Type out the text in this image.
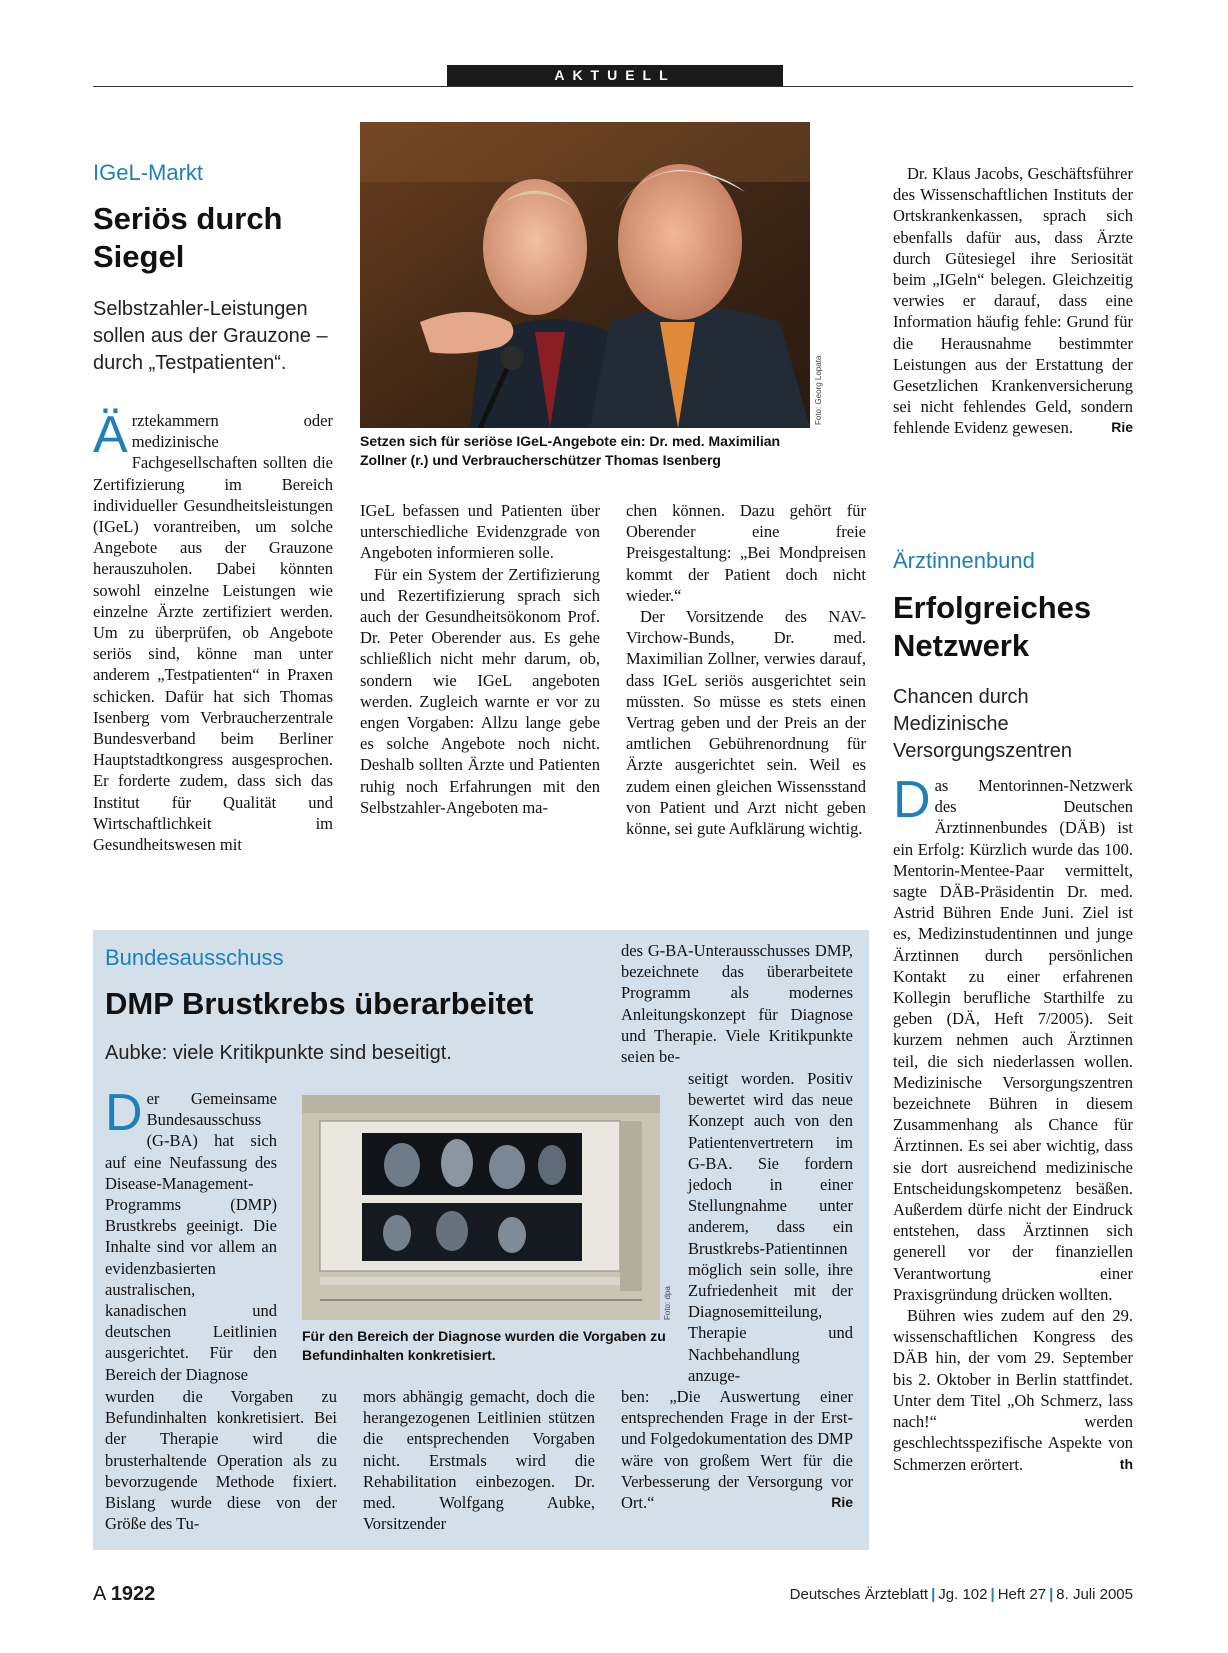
AKTUELL
IGeL-Markt
Seriös durch Siegel
Selbstzahler-Leistungen sollen aus der Grauzone – durch „Testpatienten“.	Foto: Georg Lopata
Setzen sich für seriöse IGeL-Angebote ein: Dr. med. Maximilian Zollner (r.) und Verbraucherschützer Thomas Isenberg
Ärztekammern oder medizinische Fachgesellschaften sollten die Zertifizierung im Bereich individueller Gesundheitsleistungen (IGeL) vorantreiben, um solche Angebote aus der Grauzone herauszuholen. Dabei könnten sowohl einzelne Leistungen wie einzelne Ärzte zertifiziert werden. Um zu überprüfen, ob Angebote seriös sind, könne man unter anderem „Testpatienten“ in Praxen schicken. Dafür hat sich Thomas Isenberg vom Verbraucherzentrale Bundesverband beim Berliner Hauptstadtkongress ausgesprochen. Er forderte zudem, dass sich das Institut für Qualität und Wirtschaftlichkeit im Gesundheitswesen mit

IGeL befassen und Patienten über unterschiedliche Evidenzgrade von Angeboten informieren solle.

Für ein System der Zertifizierung und Rezertifizierung sprach sich auch der Gesundheitsökonom Prof. Dr. Peter Oberender aus. Es gehe schließlich nicht mehr darum, ob, sondern wie IGeL angeboten werden. Zugleich warnte er vor zu engen Vorgaben: Allzu lange gebe es solche Angebote noch nicht. Deshalb sollten Ärzte und Patienten ruhig noch Erfahrungen mit den Selbstzahler-Angeboten ma-

chen können. Dazu gehört für Oberender eine freie Preisgestaltung: „Bei Mondpreisen kommt der Patient doch nicht wieder.“

Der Vorsitzende des NAV-Virchow-Bunds, Dr. med. Maximilian Zollner, verwies darauf, dass IGeL seriös ausgerichtet sein müssten. So müsse es stets einen Vertrag geben und der Preis an der amtlichen Gebührenordnung für Ärzte ausgerichtet sein. Weil es zudem einen gleichen Wissensstand von Patient und Arzt nicht geben könne, sei gute Aufklärung wichtig.

Dr. Klaus Jacobs, Geschäftsführer des Wissenschaftlichen Instituts der Ortskrankenkassen, sprach sich ebenfalls dafür aus, dass Ärzte durch Gütesiegel ihre Seriosität beim „IGeln“ belegen. Gleichzeitig verwies er darauf, dass eine Information häufig fehle: Grund für die Herausnahme bestimmter Leistungen aus der Erstattung der Gesetzlichen Krankenversicherung sei nicht fehlendes Geld, sondern fehlende Evidenz gewesen.	Rie

Ärztinnenbund
Erfolgreiches Netzwerk
Chancen durch Medizinische Versorgungszentren

Das Mentorinnen-Netzwerk des Deutschen Ärztinnenbundes (DÄB) ist ein Erfolg: Kürzlich wurde das 100. Mentorin-Mentee-Paar vermittelt, sagte DÄB-Präsidentin Dr. med. Astrid Bühren Ende Juni. Ziel ist es, Medizinstudentinnen und junge Ärztinnen durch persönlichen Kontakt zu einer erfahrenen Kollegin berufliche Starthilfe zu geben (DÄ, Heft 7/2005). Seit kurzem nehmen auch Ärztinnen teil, die sich niederlassen wollen. Medizinische Versorgungszentren bezeichnete Bühren in diesem Zusammenhang als Chance für Ärztinnen. Es sei aber wichtig, dass sie dort ausreichend medizinische Entscheidungskompetenz besäßen. Außerdem dürfe nicht der Eindruck entstehen, dass Ärztinnen sich generell vor der finanziellen Verantwortung einer Praxisgründung drücken wollten.

Bühren wies zudem auf den 29. wissenschaftlichen Kongress des DÄB hin, der vom 29. September bis 2. Oktober in Berlin stattfindet. Unter dem Titel „Oh Schmerz, lass nach!“ werden geschlechtsspezifische Aspekte von Schmerzen erörtert.	th

Bundesausschuss
DMP Brustkrebs überarbeitet
Aubke: viele Kritikpunkte sind beseitigt.
Foto: dpa
Für den Bereich der Diagnose wurden die Vorgaben zu Befundinhalten konkretisiert.
Der Gemeinsame Bundesausschuss (G-BA) hat sich auf eine Neufassung des Disease-Management-Programms (DMP) Brustkrebs geeinigt. Die Inhalte sind vor allem an evidenzbasierten australischen, kanadischen und deutschen Leitlinien ausgerichtet. Für den Bereich der Diagnose
wurden die Vorgaben zu Befundinhalten konkretisiert. Bei der Therapie wird die brusterhaltende Operation als zu bevorzugende Methode fixiert. Bislang wurde diese von der Größe des Tu-
mors abhängig gemacht, doch die herangezogenen Leitlinien stützen die entsprechenden Vorgaben nicht. Erstmals wird die Rehabilitation einbezogen. Dr. med. Wolfgang Aubke, Vorsitzender
des G-BA-Unterausschusses DMP, bezeichnete das überarbeitete Programm als modernes Anleitungskonzept für Diagnose und Therapie. Viele Kritikpunkte seien be-
seitigt worden. Positiv bewertet wird das neue Konzept auch von den Patientenvertretern im G-BA. Sie fordern jedoch in einer Stellungnahme unter anderem, dass ein Brustkrebs-Patientinnen möglich sein solle, ihre Zufriedenheit mit der Diagnosemitteilung, Therapie und Nachbehandlung anzuge-
ben: „Die Auswertung einer entsprechenden Frage in der Erst- und Folgedokumentation des DMP wäre von großem Wert für die Verbesserung der Versorgung vor Ort.“	Rie
A 1922	Deutsches Ärzteblatt | Jg. 102 | Heft 27 | 8. Juli 2005
